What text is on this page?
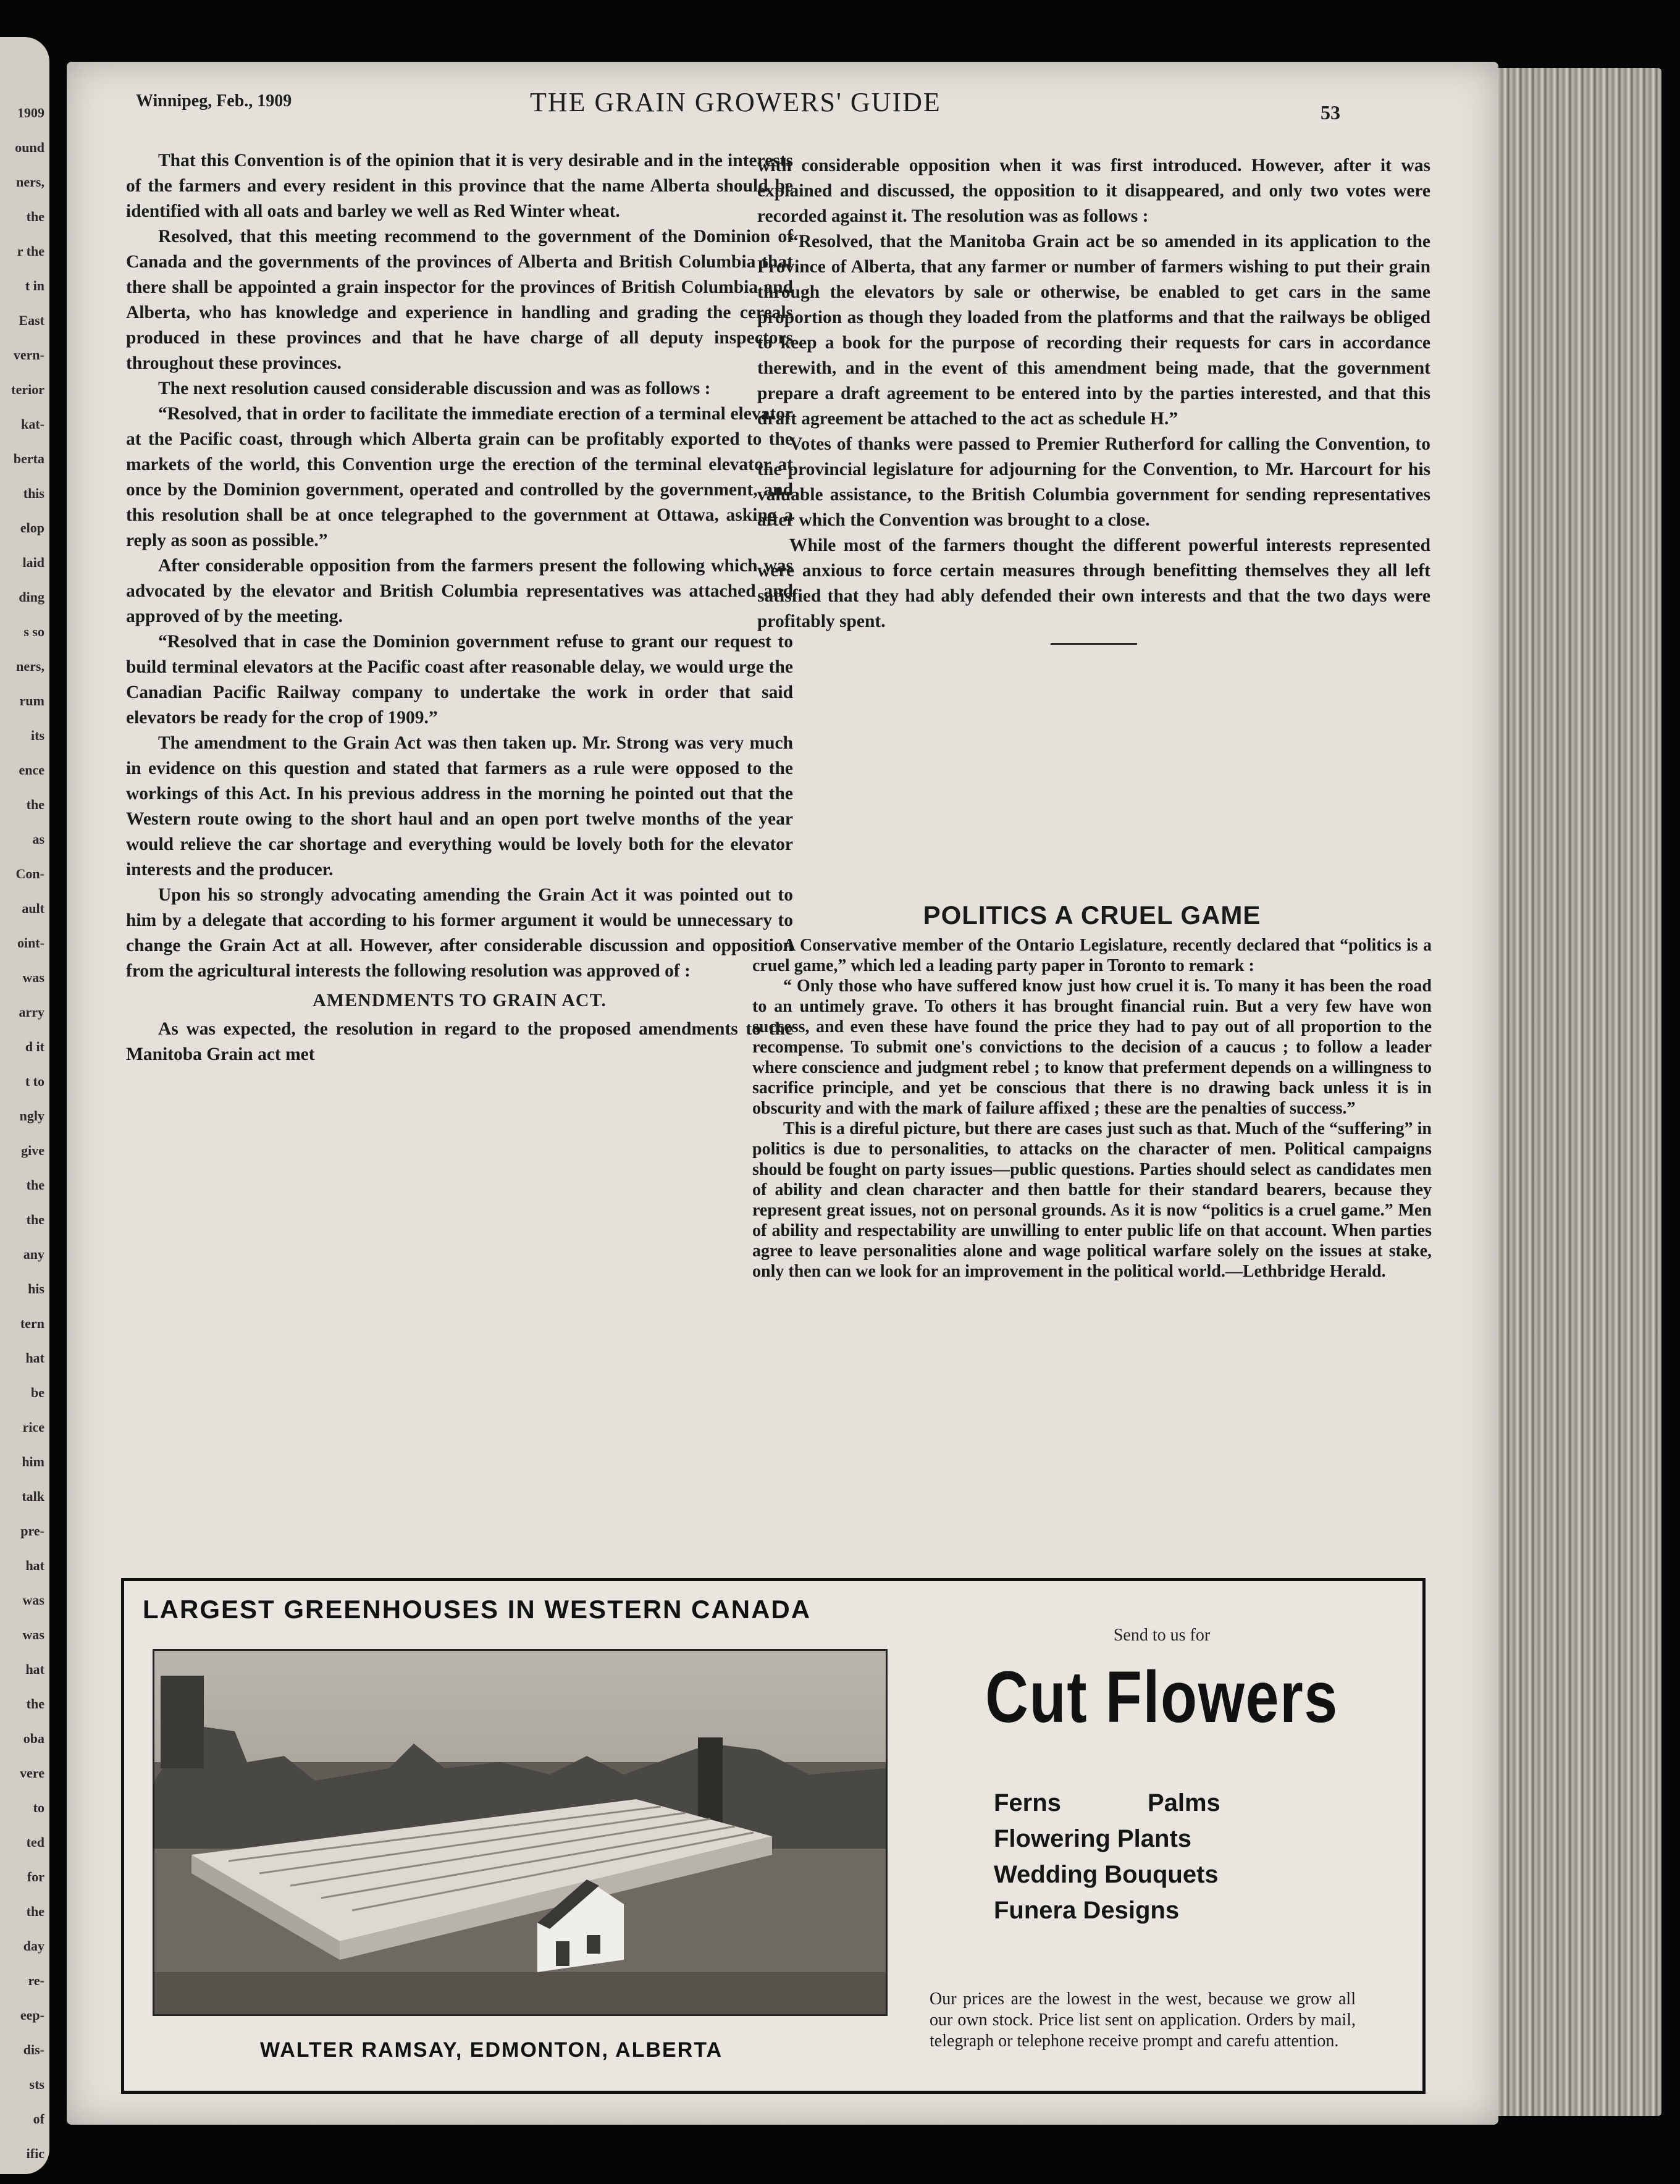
1909
ound
ners,
the
r the
t in
East
vern-
terior
kat-
berta
this
elop
laid
ding
s so
ners,
rum
its
ence
the
as
Con-
ault
oint-
was
arry
d it
t to
ngly
give
the
the
any
his
tern
hat
be
rice
him
talk
pre-
hat
was
was
hat
the
oba
vere
to
ted
for
the
day
re-
eep-
dis-
sts
of
ific
Winnipeg, Feb., 1909	THE GRAIN GROWERS' GUIDE	53

That this Convention is of the opinion that it is very desirable and in the interests of the farmers and every resident in this province that the name Alberta should be identified with all oats and barley we well as Red Winter wheat.

Resolved, that this meeting recommend to the government of the Dominion of Canada and the governments of the provinces of Alberta and British Columbia that there shall be appointed a grain inspector for the provinces of British Columbia and Alberta, who has knowledge and experience in handling and grading the cereals produced in these provinces and that he have charge of all deputy inspectors throughout these provinces.

The next resolution caused considerable discussion and was as follows :

“Resolved, that in order to facilitate the immediate erection of a terminal elevator at the Pacific coast, through which Alberta grain can be profitably exported to the markets of the world, this Convention urge the erection of the terminal elevator at once by the Dominion government, operated and controlled by the government, and this resolution shall be at once telegraphed to the government at Ottawa, asking a reply as soon as possible.”

After considerable opposition from the farmers present the following which was advocated by the elevator and British Columbia representatives was attached and approved of by the meeting.

“Resolved that in case the Dominion government refuse to grant our request to build terminal elevators at the Pacific coast after reasonable delay, we would urge the Canadian Pacific Railway company to undertake the work in order that said elevators be ready for the crop of 1909.”

The amendment to the Grain Act was then taken up. Mr. Strong was very much in evidence on this question and stated that farmers as a rule were opposed to the workings of this Act. In his previous address in the morning he pointed out that the Western route owing to the short haul and an open port twelve months of the year would relieve the car shortage and everything would be lovely both for the elevator interests and the producer.

Upon his so strongly advocating amending the Grain Act it was pointed out to him by a delegate that according to his former argument it would be unnecessary to change the Grain Act at all. However, after considerable discussion and opposition from the agricultural interests the following resolution was approved of :

AMENDMENTS TO GRAIN ACT.

As was expected, the resolution in regard to the proposed amendments to the Manitoba Grain act met

with considerable opposition when it was first introduced. However, after it was explained and discussed, the opposition to it disappeared, and only two votes were recorded against it. The resolution was as follows :

“Resolved, that the Manitoba Grain act be so amended in its application to the Province of Alberta, that any farmer or number of farmers wishing to put their grain through the elevators by sale or otherwise, be enabled to get cars in the same proportion as though they loaded from the platforms and that the railways be obliged to keep a book for the purpose of recording their requests for cars in accordance therewith, and in the event of this amendment being made, that the government prepare a draft agreement to be entered into by the parties interested, and that this draft agreement be attached to the act as schedule H.”

Votes of thanks were passed to Premier Rutherford for calling the Convention, to the provincial legislature for adjourning for the Convention, to Mr. Harcourt for his valuable assistance, to the British Columbia government for sending representatives after which the Convention was brought to a close.

While most of the farmers thought the different powerful interests represented were anxious to force certain measures through benefitting themselves they all left satisfied that they had ably defended their own interests and that the two days were profitably spent.

POLITICS A CRUEL GAME

A Conservative member of the Ontario Legislature, recently declared that “politics is a cruel game,” which led a leading party paper in Toronto to remark :

“ Only those who have suffered know just how cruel it is. To many it has been the road to an untimely grave. To others it has brought financial ruin. But a very few have won success, and even these have found the price they had to pay out of all proportion to the recompense. To submit one's convictions to the decision of a caucus ; to follow a leader where conscience and judgment rebel ; to know that preferment depends on a willingness to sacrifice principle, and yet be conscious that there is no drawing back unless it is in obscurity and with the mark of failure affixed ; these are the penalties of success.”

This is a direful picture, but there are cases just such as that. Much of the “suffering” in politics is due to personalities, to attacks on the character of men. Political campaigns should be fought on party issues—public questions. Parties should select as candidates men of ability and clean character and then battle for their standard bearers, because they represent great issues, not on personal grounds. As it is now “politics is a cruel game.” Men of ability and respectability are unwilling to enter public life on that account. When parties agree to leave personalities alone and wage political warfare solely on the issues at stake, only then can we look for an improvement in the political world.—Lethbridge Herald.

LARGEST GREENHOUSES IN WESTERN CANADA
WALTER RAMSAY, EDMONTON, ALBERTA
Send to us for
Cut Flowers
Ferns	Palms
Flowering Plants
Wedding Bouquets
Funera Designs
Our prices are the lowest in the west, because we grow all our own stock. Price list sent on application. Orders by mail, telegraph or telephone receive prompt and carefu attention.
